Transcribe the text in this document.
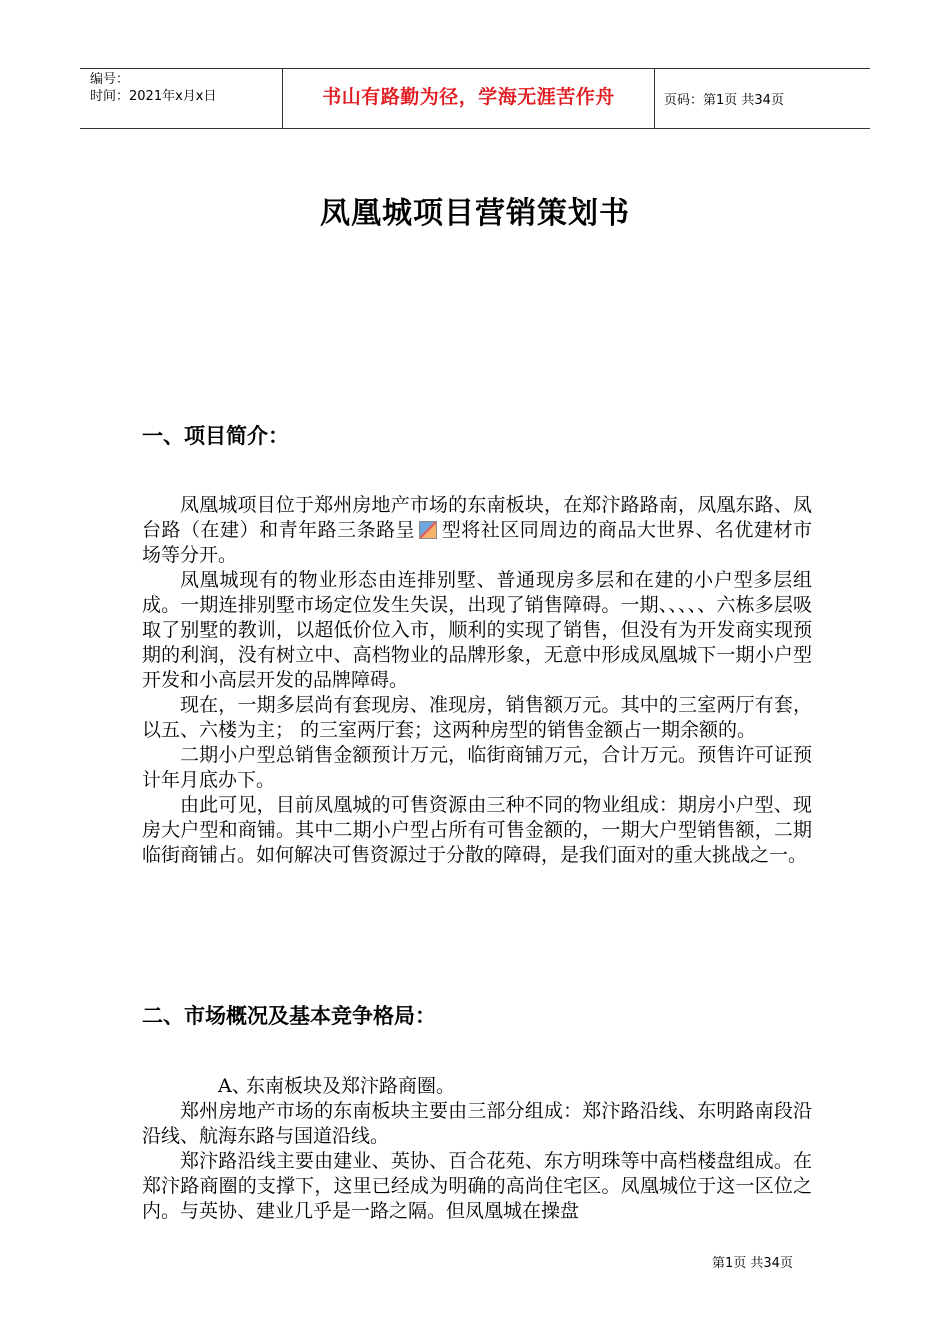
编号：
时间：2021年x月x日	书山有路勤为径，学海无涯苦作舟	页码：第1页 共34页
凤凰城项目营销策划书
一、项目简介：

凤凰城项目位于郑州房地产市场的东南板块，在郑汴路路南，凤凰东路、凤台路（在建）和青年路三条路呈 型将社区同周边的商品大世界、名优建材市场等分开。

凤凰城现有的物业形态由连排别墅、普通现房多层和在建的小户型多层组成。一期连排别墅市场定位发生失误，出现了销售障碍。一期、、、、、六栋多层吸取了别墅的教训，以超低价位入市，顺利的实现了销售，但没有为开发商实现预期的利润，没有树立中、高档物业的品牌形象，无意中形成凤凰城下一期小户型开发和小高层开发的品牌障碍。

现在，一期多层尚有套现房、准现房，销售额万元。其中的三室两厅有套，以五、六楼为主； 的三室两厅套；这两种房型的销售金额占一期余额的。

二期小户型总销售金额预计万元，临街商铺万元，合计万元。预售许可证预计年月底办下。

由此可见，目前凤凰城的可售资源由三种不同的物业组成：期房小户型、现房大户型和商铺。其中二期小户型占所有可售金额的，一期大户型销售额，二期临街商铺占。如何解决可售资源过于分散的障碍，是我们面对的重大挑战之一。

二、市场概况及基本竞争格局：

A、东南板块及郑汴路商圈。

郑州房地产市场的东南板块主要由三部分组成：郑汴路沿线、东明路南段沿沿线、航海东路与国道沿线。

郑汴路沿线主要由建业、英协、百合花苑、东方明珠等中高档楼盘组成。在郑汴路商圈的支撑下，这里已经成为明确的高尚住宅区。凤凰城位于这一区位之内。与英协、建业几乎是一路之隔。但凤凰城在操盘

第1页 共34页
